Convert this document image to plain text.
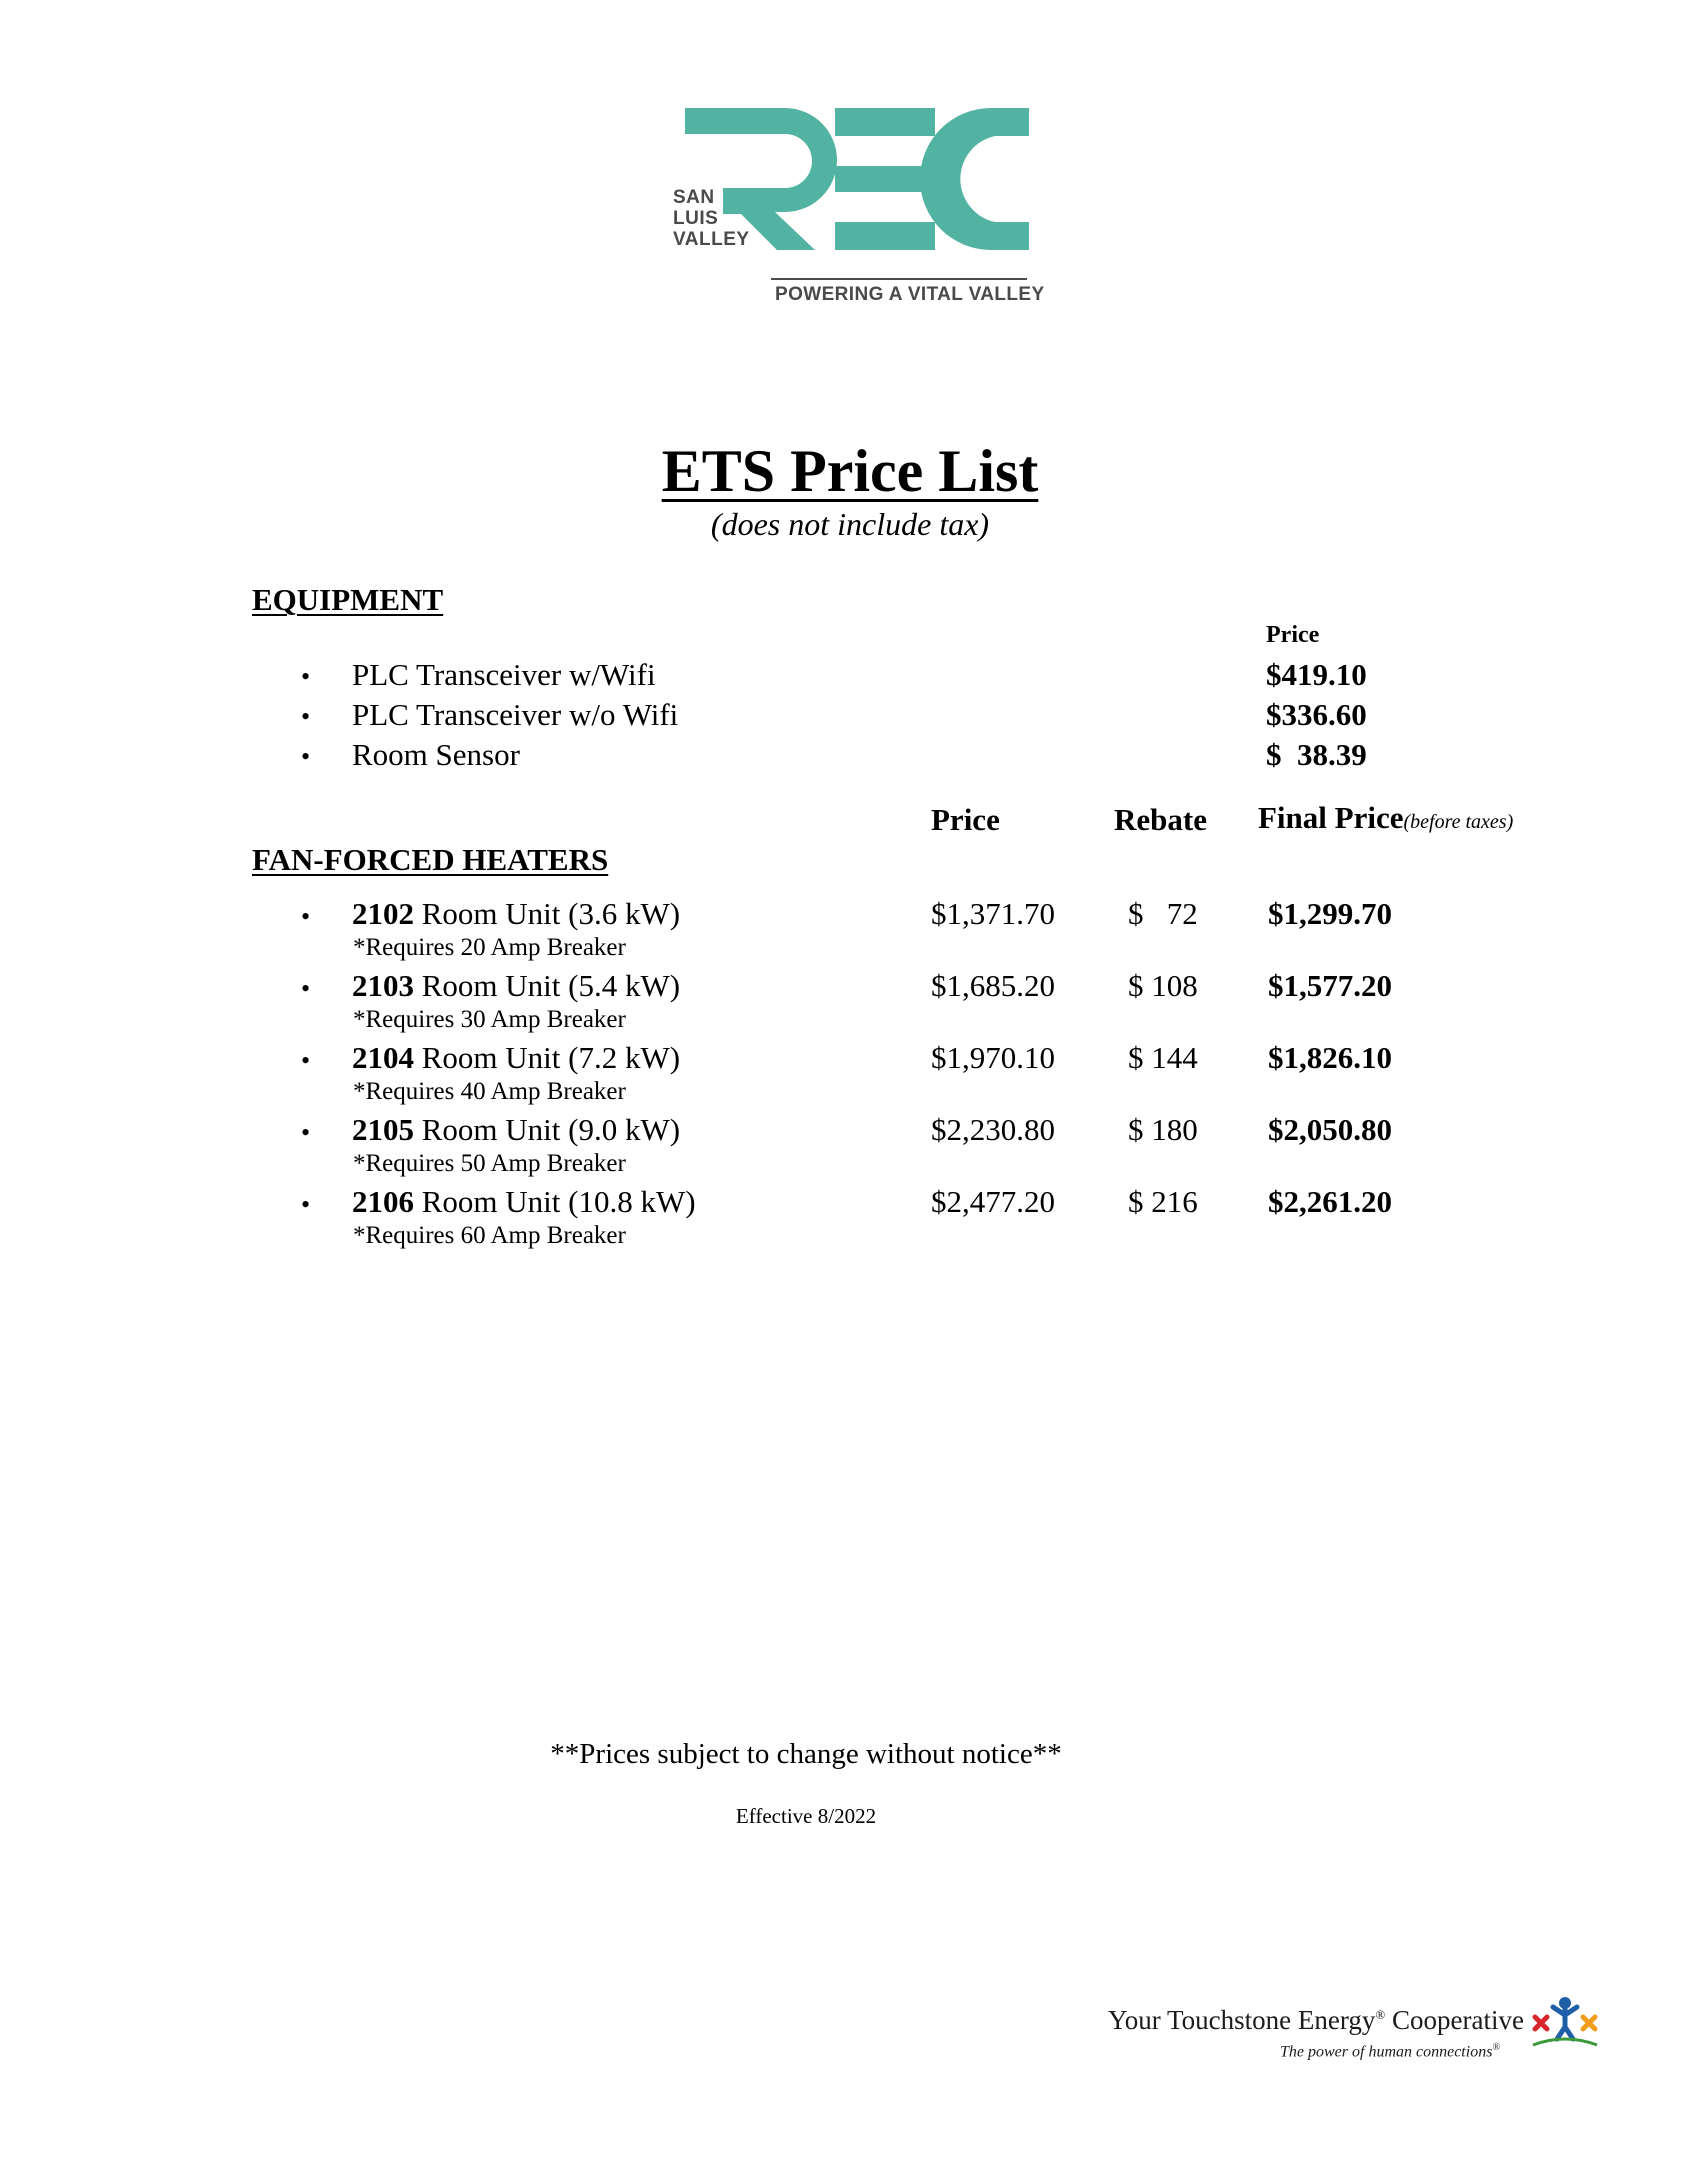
SAN
LUIS
VALLEY
POWERING A VITAL VALLEY
ETS Price List
(does not include tax)
EQUIPMENT
Price
• PLC Transceiver w/Wifi	$419.10
• PLC Transceiver w/o Wifi	$336.60
• Room Sensor	$  38.39
Price	Rebate Final Price(before taxes)
FAN-FORCED HEATERS
• 2102 Room Unit (3.6 kW)
*Requires 20 Amp Breaker
$1,371.70 $   72 $1,299.70
• 2103 Room Unit (5.4 kW)
*Requires 30 Amp Breaker
$1,685.20 $ 108 $1,577.20
• 2104 Room Unit (7.2 kW)
*Requires 40 Amp Breaker
$1,970.10 $ 144 $1,826.10
• 2105 Room Unit (9.0 kW)
*Requires 50 Amp Breaker
$2,230.80 $ 180 $2,050.80
• 2106 Room Unit (10.8 kW)
*Requires 60 Amp Breaker
$2,477.20 $ 216 $2,261.20
**Prices subject to change without notice**
Effective 8/2022
Your Touchstone Energy® Cooperative
The power of human connections®
